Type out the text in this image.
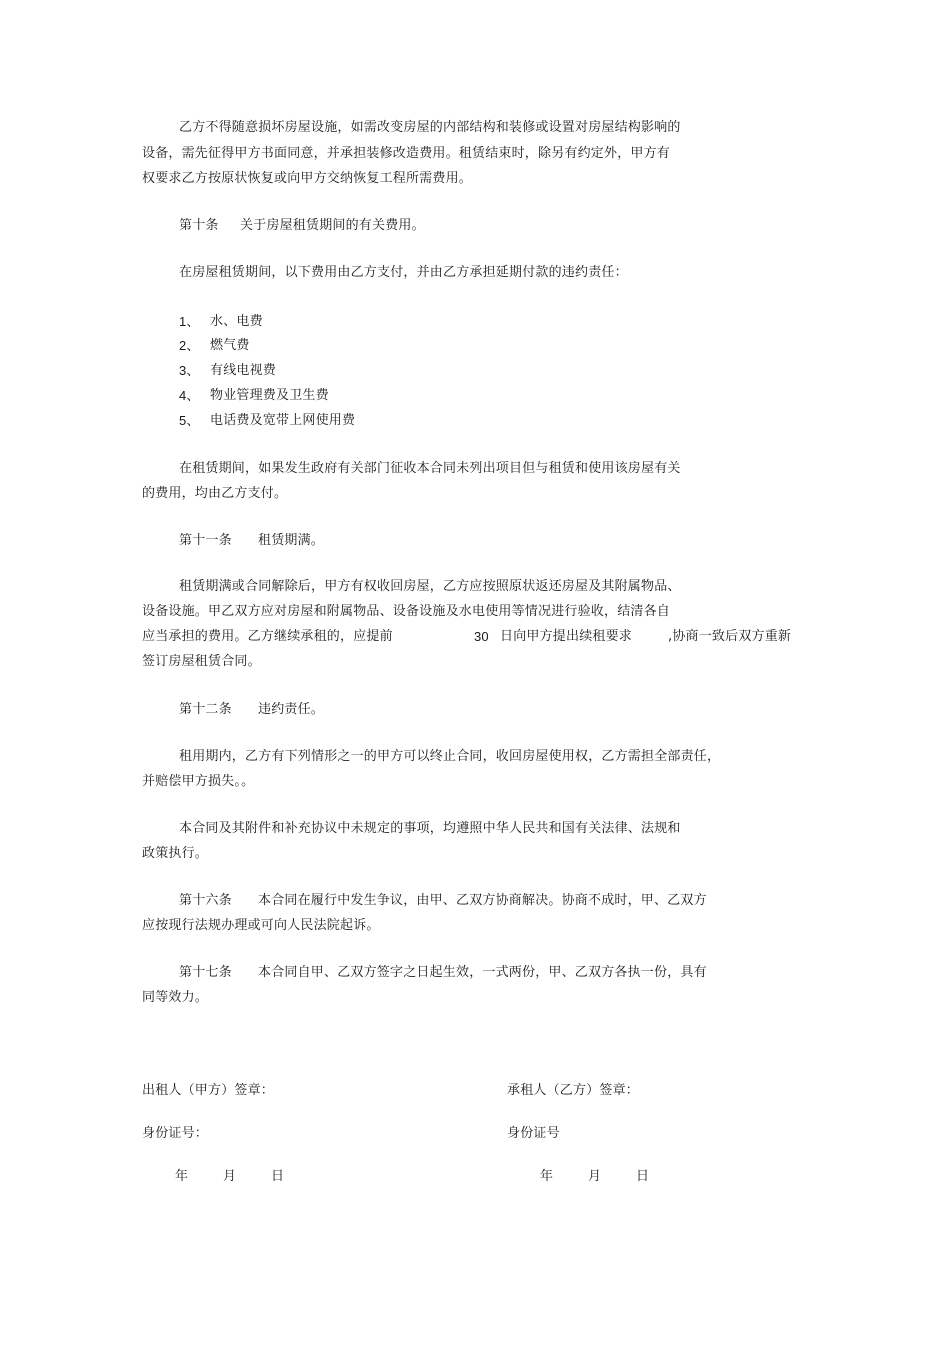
乙方不得随意损坏房屋设施，如需改变房屋的内部结构和装修或设置对房屋结构影响的
设备，需先征得甲方书面同意，并承担装修改造费用。租赁结束时，除另有约定外，甲方有
权要求乙方按原状恢复或向甲方交纳恢复工程所需费用。
第十条 关于房屋租赁期间的有关费用。
在房屋租赁期间，以下费用由乙方支付，并由乙方承担延期付款的违约责任：
1、 水、电费
2、 燃气费
3、 有线电视费
4、 物业管理费及卫生费
5、 电话费及宽带上网使用费
在租赁期间，如果发生政府有关部门征收本合同未列出项目但与租赁和使用该房屋有关
的费用，均由乙方支付。
第十一条 租赁期满。
租赁期满或合同解除后，甲方有权收回房屋，乙方应按照原状返还房屋及其附属物品、
设备设施。甲乙双方应对房屋和附属物品、设备设施及水电使用等情况进行验收，结清各自
应当承担的费用。乙方继续承租的，应提前	30 日向甲方提出续租要求	,协商一致后双方重新
签订房屋租赁合同。
第十二条 违约责任。
租用期内，乙方有下列情形之一的甲方可以终止合同，收回房屋使用权，乙方需担全部责任，
并赔偿甲方损失。。
本合同及其附件和补充协议中未规定的事项，均遵照中华人民共和国有关法律、法规和
政策执行。
第十六条 本合同在履行中发生争议，由甲、乙双方协商解决。协商不成时，甲、乙双方
应按现行法规办理或可向人民法院起诉。
第十七条 本合同自甲、乙双方签字之日起生效，一式两份，甲、乙双方各执一份，具有
同等效力。
出租人（甲方）签章：	承租人（乙方）签章：
身份证号：	身份证号
年	月	日	年	月	日
